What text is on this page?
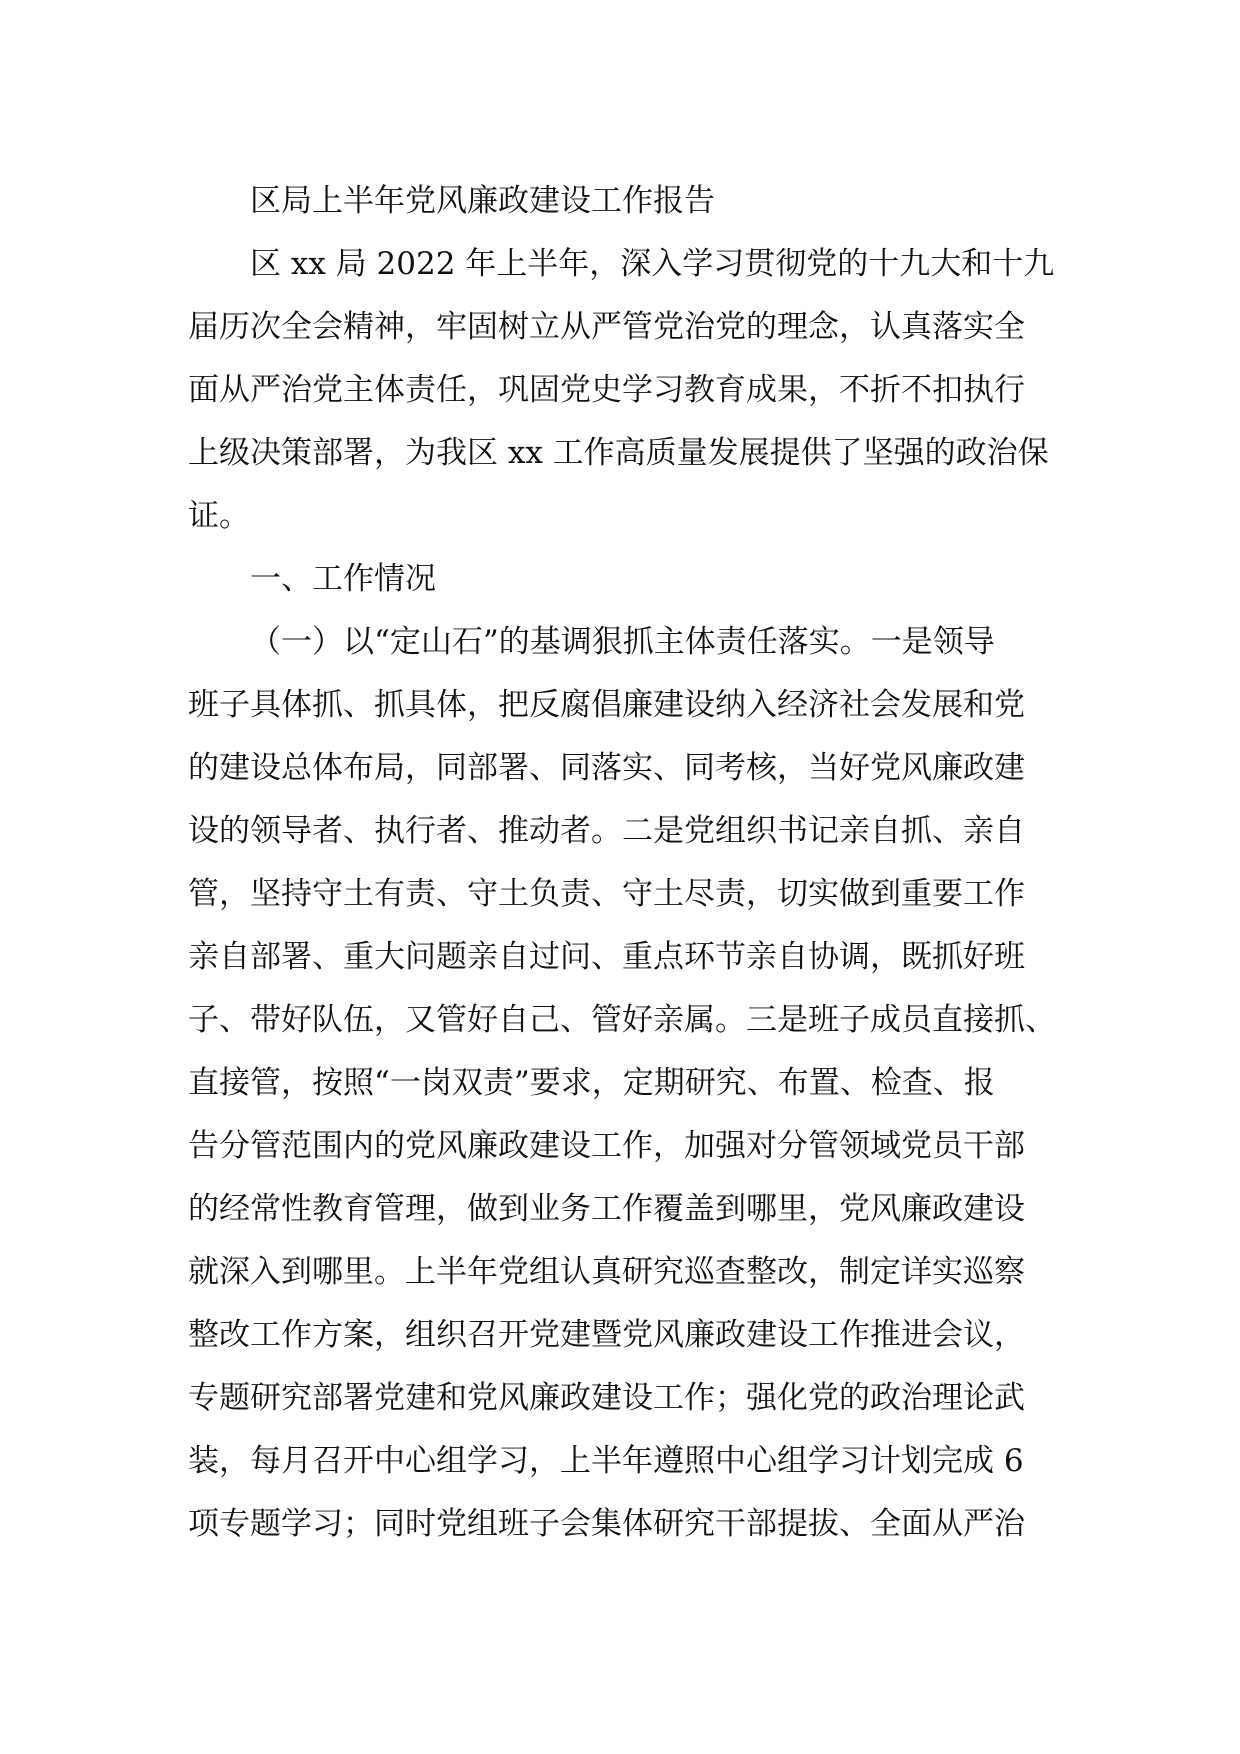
区局上半年党风廉政建设工作报告
区 xx 局 2022 年上半年，深入学习贯彻党的十九大和十九
届历次全会精神，牢固树立从严管党治党的理念，认真落实全
面从严治党主体责任，巩固党史学习教育成果，不折不扣执行
上级决策部署，为我区 xx 工作高质量发展提供了坚强的政治保
证。
一、工作情况
（一）以“定山石”的基调狠抓主体责任落实。一是领导
班子具体抓、抓具体，把反腐倡廉建设纳入经济社会发展和党
的建设总体布局，同部署、同落实、同考核，当好党风廉政建
设的领导者、执行者、推动者。二是党组织书记亲自抓、亲自
管，坚持守土有责、守土负责、守土尽责，切实做到重要工作
亲自部署、重大问题亲自过问、重点环节亲自协调，既抓好班
子、带好队伍，又管好自己、管好亲属。三是班子成员直接抓、
直接管，按照“一岗双责”要求，定期研究、布置、检查、报
告分管范围内的党风廉政建设工作，加强对分管领域党员干部
的经常性教育管理，做到业务工作覆盖到哪里，党风廉政建设
就深入到哪里。上半年党组认真研究巡查整改，制定详实巡察
整改工作方案，组织召开党建暨党风廉政建设工作推进会议，
专题研究部署党建和党风廉政建设工作；强化党的政治理论武
装，每月召开中心组学习，上半年遵照中心组学习计划完成 6
项专题学习；同时党组班子会集体研究干部提拔、全面从严治
